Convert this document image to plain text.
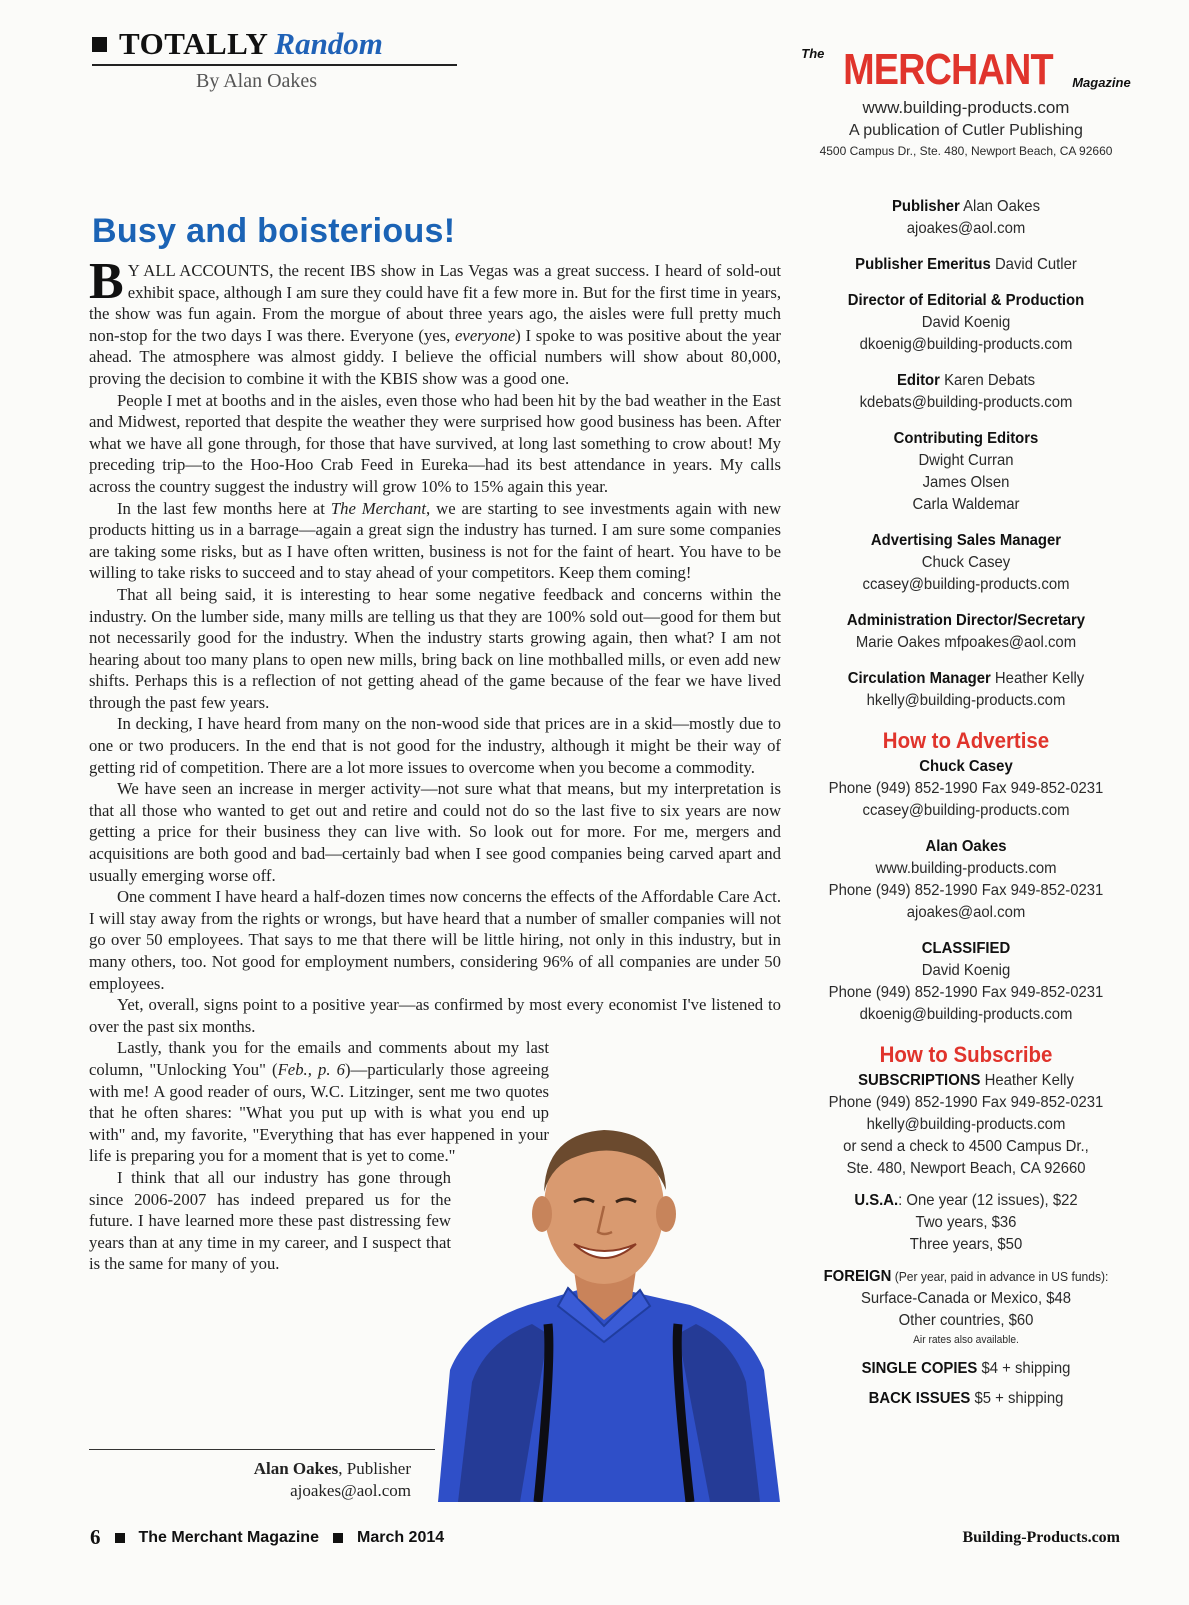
TOTALLY Random
By Alan Oakes
Busy and boisterious!

B Y ALL ACCOUNTS, the recent IBS show in Las Vegas was a great success. I heard of sold-out exhibit space, although I am sure they could have fit a few more in. But for the first time in years, the show was fun again. From the morgue of about three years ago, the aisles were full pretty much non-stop for the two days I was there. Everyone (yes, everyone) I spoke to was positive about the year ahead. The atmosphere was almost giddy. I believe the official numbers will show about 80,000, proving the decision to combine it with the KBIS show was a good one.

People I met at booths and in the aisles, even those who had been hit by the bad weather in the East and Midwest, reported that despite the weather they were surprised how good business has been. After what we have all gone through, for those that have survived, at long last something to crow about! My preceding trip—to the Hoo-Hoo Crab Feed in Eureka—had its best attendance in years. My calls across the country suggest the industry will grow 10% to 15% again this year.

In the last few months here at The Merchant, we are starting to see investments again with new products hitting us in a barrage—again a great sign the industry has turned. I am sure some companies are taking some risks, but as I have often written, business is not for the faint of heart. You have to be willing to take risks to succeed and to stay ahead of your competitors. Keep them coming!

That all being said, it is interesting to hear some negative feedback and concerns within the industry. On the lumber side, many mills are telling us that they are 100% sold out—good for them but not necessarily good for the industry. When the industry starts growing again, then what? I am not hearing about too many plans to open new mills, bring back on line mothballed mills, or even add new shifts. Perhaps this is a reflection of not getting ahead of the game because of the fear we have lived through the past few years.

In decking, I have heard from many on the non-wood side that prices are in a skid—mostly due to one or two producers. In the end that is not good for the industry, although it might be their way of getting rid of competition. There are a lot more issues to overcome when you become a commodity.

We have seen an increase in merger activity—not sure what that means, but my interpretation is that all those who wanted to get out and retire and could not do so the last five to six years are now getting a price for their business they can live with. So look out for more. For me, mergers and acquisitions are both good and bad—certainly bad when I see good companies being carved apart and usually emerging worse off.

One comment I have heard a half-dozen times now concerns the effects of the Affordable Care Act. I will stay away from the rights or wrongs, but have heard that a number of smaller companies will not go over 50 employees. That says to me that there will be little hiring, not only in this industry, but in many others, too. Not good for employment numbers, considering 96% of all companies are under 50 employees.

Yet, overall, signs point to a positive year—as confirmed by most every economist I've listened to over the past six months.

Lastly, thank you for the emails and comments about my last column, "Unlocking You" (Feb., p. 6)—particularly those agreeing with me! A good reader of ours, W.C. Litzinger, sent me two quotes that he often shares: "What you put up with is what you end up with" and, my favorite, "Everything that has ever happened in your life is preparing you for a moment that is yet to come."

I think that all our industry has gone through since 2006-2007 has indeed prepared us for the future. I have learned more these past distressing few years than at any time in my career, and I suspect that is the same for many of you.

Alan Oakes, Publisher
ajoakes@aol.com
The MERCHANT Magazine
www.building-products.com
A publication of Cutler Publishing
4500 Campus Dr., Ste. 480, Newport Beach, CA 92660
Publisher Alan Oakes
ajoakes@aol.com
Publisher Emeritus David Cutler
Director of Editorial & Production
David Koenig
dkoenig@building-products.com
Editor Karen Debats
kdebats@building-products.com
Contributing Editors
Dwight Curran
James Olsen
Carla Waldemar
Advertising Sales Manager
Chuck Casey
ccasey@building-products.com
Administration Director/Secretary
Marie Oakes mfpoakes@aol.com
Circulation Manager Heather Kelly
hkelly@building-products.com
How to Advertise
Chuck Casey
Phone (949) 852-1990 Fax 949-852-0231
ccasey@building-products.com
Alan Oakes
www.building-products.com
Phone (949) 852-1990 Fax 949-852-0231
ajoakes@aol.com
CLASSIFIED
David Koenig
Phone (949) 852-1990 Fax 949-852-0231
dkoenig@building-products.com
How to Subscribe
SUBSCRIPTIONS Heather Kelly
Phone (949) 852-1990 Fax 949-852-0231
hkelly@building-products.com
or send a check to 4500 Campus Dr.,
Ste. 480, Newport Beach, CA 92660
U.S.A.: One year (12 issues), $22
Two years, $36
Three years, $50
FOREIGN (Per year, paid in advance in US funds):
Surface-Canada or Mexico, $48
Other countries, $60
Air rates also available.
SINGLE COPIES $4 + shipping
BACK ISSUES $5 + shipping
6 The Merchant Magazine March 2014	Building-Products.com
